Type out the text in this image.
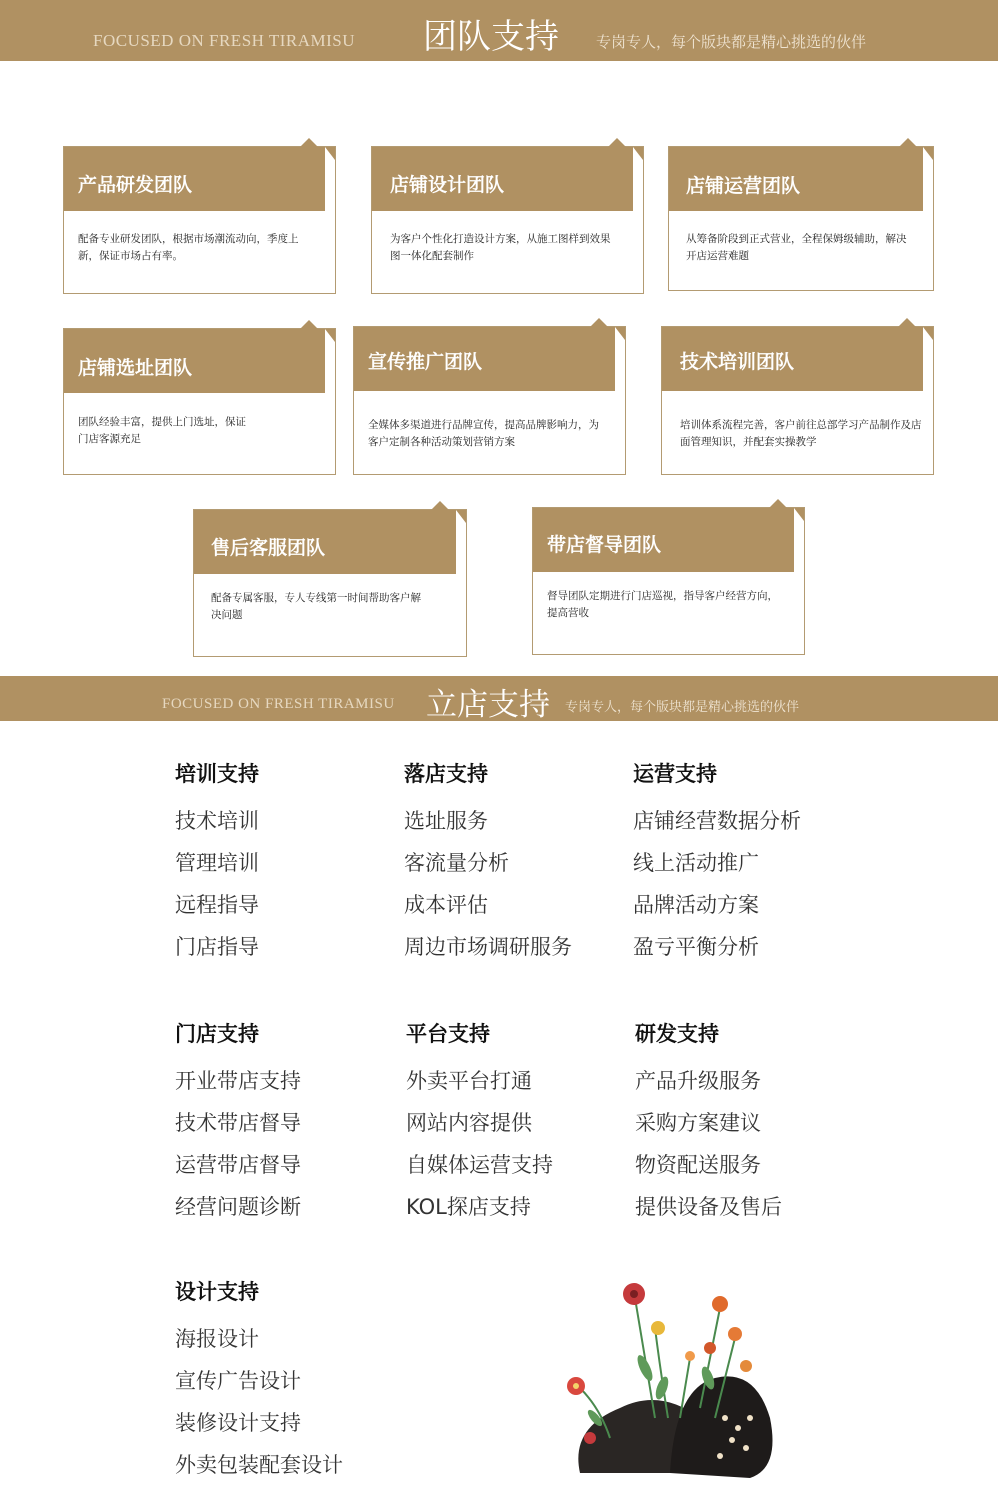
FOCUSED ON FRESH TIRAMISU 团队支持 专岗专人，每个版块都是精心挑选的伙伴
产品研发团队
配备专业研发团队，根据市场潮流动向，季度上新，保证市场占有率。
店铺设计团队
为客户个性化打造设计方案，从施工图样到效果图一体化配套制作
店铺运营团队
从筹备阶段到正式营业，全程保姆级辅助，解决开店运营难题
店铺选址团队
团队经验丰富，提供上门选址，保证门店客源充足
宣传推广团队
全媒体多渠道进行品牌宣传，提高品牌影响力，为客户定制各种活动策划营销方案
技术培训团队
培训体系流程完善，客户前往总部学习产品制作及店面管理知识，并配套实操教学
售后客服团队
配备专属客服，专人专线第一时间帮助客户解决问题
带店督导团队
督导团队定期进行门店巡视，指导客户经营方向，提高营收
FOCUSED ON FRESH TIRAMISU 立店支持 专岗专人，每个版块都是精心挑选的伙伴
培训支持
技术培训
管理培训
远程指导
门店指导
落店支持
选址服务
客流量分析
成本评估
周边市场调研服务
运营支持
店铺经营数据分析
线上活动推广
品牌活动方案
盈亏平衡分析
门店支持
开业带店支持
技术带店督导
运营带店督导
经营问题诊断
平台支持
外卖平台打通
网站内容提供
自媒体运营支持
KOL探店支持
研发支持
产品升级服务
采购方案建议
物资配送服务
提供设备及售后
设计支持
海报设计
宣传广告设计
装修设计支持
外卖包装配套设计
